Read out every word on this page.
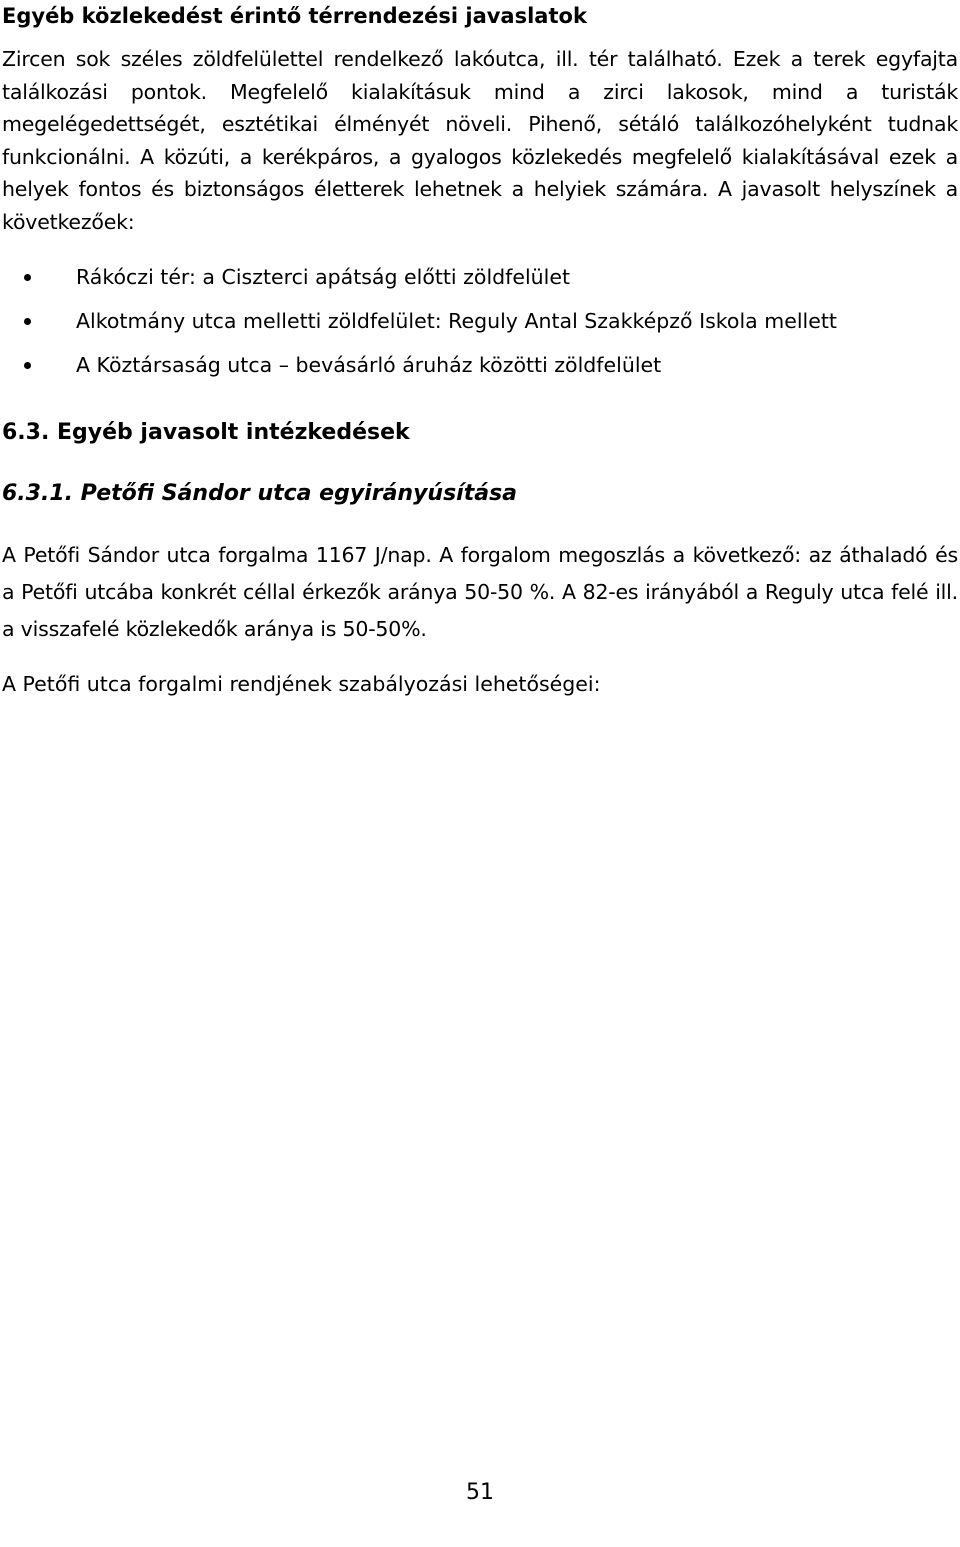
Egyéb közlekedést érintő térrendezési javaslatok
Zircen sok széles zöldfelülettel rendelkező lakóutca, ill. tér található. Ezek a terek egyfajta találkozási pontok. Megfelelő kialakításuk mind a zirci lakosok, mind a turisták megelégedettségét, esztétikai élményét növeli. Pihenő, sétáló találkozóhelyként tudnak funkcionálni. A közúti, a kerékpáros, a gyalogos közlekedés megfelelő kialakításával ezek a helyek fontos és biztonságos életterek lehetnek a helyiek számára. A javasolt helyszínek a következőek:
Rákóczi tér: a Ciszterci apátság előtti zöldfelület
Alkotmány utca melletti zöldfelület: Reguly Antal Szakképző Iskola mellett
A Köztársaság utca – bevásárló áruház közötti zöldfelület
6.3. Egyéb javasolt intézkedések
6.3.1. Petőfi Sándor utca egyirányúsítása
A Petőfi Sándor utca forgalma 1167 J/nap. A forgalom megoszlás a következő: az áthaladó és a Petőfi utcába konkrét céllal érkezők aránya 50-50 %. A 82-es irányából a Reguly utca felé ill. a visszafelé közlekedők aránya is 50-50%.
A Petőfi utca forgalmi rendjének szabályozási lehetőségei:
51
